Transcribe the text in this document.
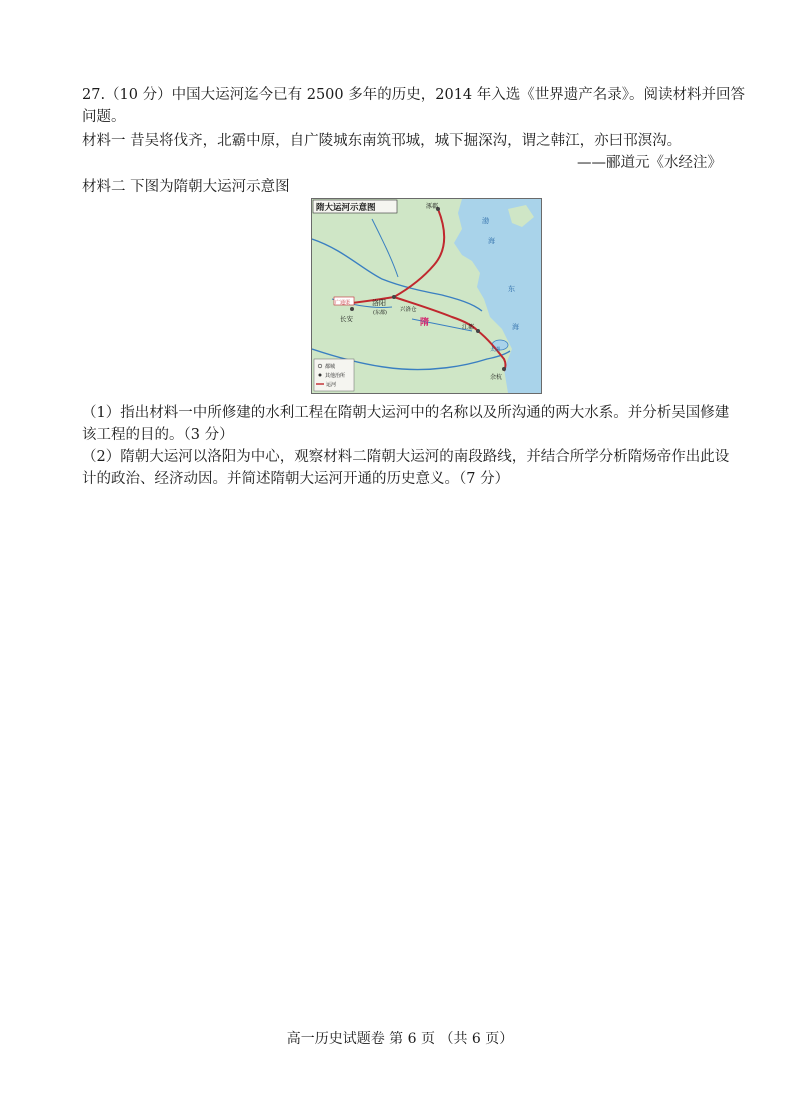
27.（10 分）中国大运河迄今已有 2500 多年的历史，2014 年入选《世界遗产名录》。阅读材料并回答
问题。
材料一 昔吴将伐齐，北霸中原，自广陵城东南筑邗城，城下掘深沟，谓之韩江，亦曰邗溟沟。
——郦道元《水经注》
材料二 下图为隋朝大运河示意图
隋大运河示意图	涿郡
洛阳
(东都)
长安
广通渠
兴洛仓
隋	江都
余杭
太湖
渤
海
东
海
都城
其他治所
运河
（1）指出材料一中所修建的水利工程在隋朝大运河中的名称以及所沟通的两大水系。并分析吴国修建
该工程的目的。（3 分）
（2）隋朝大运河以洛阳为中心，观察材料二隋朝大运河的南段路线，并结合所学分析隋炀帝作出此设
计的政治、经济动因。并简述隋朝大运河开通的历史意义。（7 分）
高一历史试题卷 第 6 页 （共 6 页）
